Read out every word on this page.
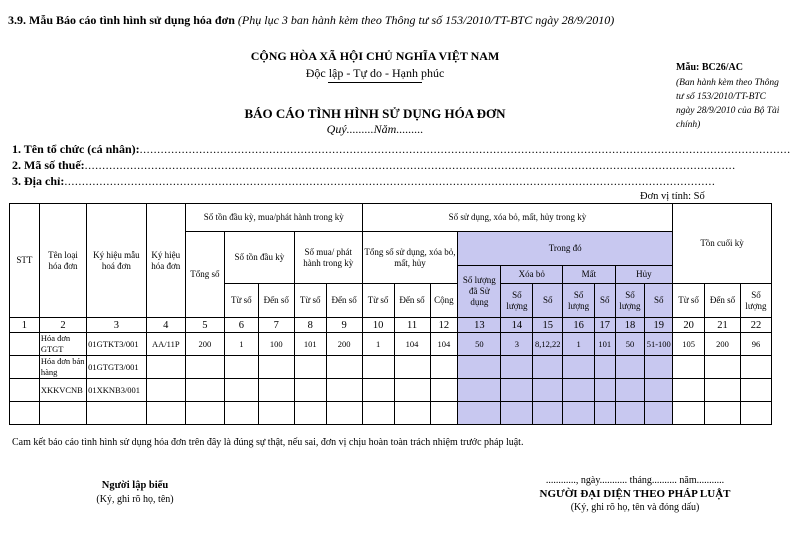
3.9. Mẫu Báo cáo tình hình sử dụng hóa đơn (Phụ lục 3 ban hành kèm theo Thông tư số 153/2010/TT-BTC ngày 28/9/2010)
CỘNG HÒA XÃ HỘI CHỦ NGHĨA VIỆT NAM
Độc lập - Tự do - Hạnh phúc
BÁO CÁO TÌNH HÌNH SỬ DỤNG HÓA ĐƠN
Quý.........Năm.........
Mẫu: BC26/AC
(Ban hành kèm theo Thông tư số 153/2010/TT-BTC ngày 28/9/2010 của Bộ Tài chính)
1. Tên tổ chức (cá nhân):..........................................................................................................................................................................................
2. Mã số thuế:..........................................................................................................................................................................................
3. Địa chỉ:..........................................................................................................................................................................................
Đơn vị tính: Số
STT	Tên loại hóa đơn	Ký hiệu mẫu hoá đơn	Ký hiệu hóa đơn	Số tồn đầu kỳ, mua/phát hành trong kỳ					Số sử dụng, xóa bỏ, mất, hủy trong kỳ										Tồn cuối kỳ		
				Tổng số	Số tồn đầu kỳ		Số mua/ phát hành trong kỳ		Tổng số sử dụng, xóa bỏ, mất, hủy			Trong đó									
												Số lượng đã Sử dụng	Xóa bỏ		Mất		Hủy				
					Từ số	Đến số	Từ số	Đến số	Từ số	Đến số	Cộng		Số lượng	Số	Số lượng	Số	Số lượng	Số	Từ số	Đến số	Số lượng
1	2	3	4	5	6	7	8	9	10	11	12	13	14	15	16	17	18	19	20	21	22
	Hóa đơn GTGT	01GTKT3/001	AA/11P	200	1	100	101	200	1	104	104	50	3	8,12,22	1	101	50	51-100	105	200	96
	Hóa đơn bán hàng	01GTGT3/001																			
	XKKVCNB	01XKNB3/001																			

Cam kết báo cáo tình hình sử dụng hóa đơn trên đây là đúng sự thật, nếu sai, đơn vị chịu hoàn toàn trách nhiệm trước pháp luật.
Người lập biểu
(Ký, ghi rõ họ, tên)
............, ngày........... tháng.......... năm...........
NGƯỜI ĐẠI DIỆN THEO PHÁP LUẬT
(Ký, ghi rõ họ, tên và đóng dấu)
